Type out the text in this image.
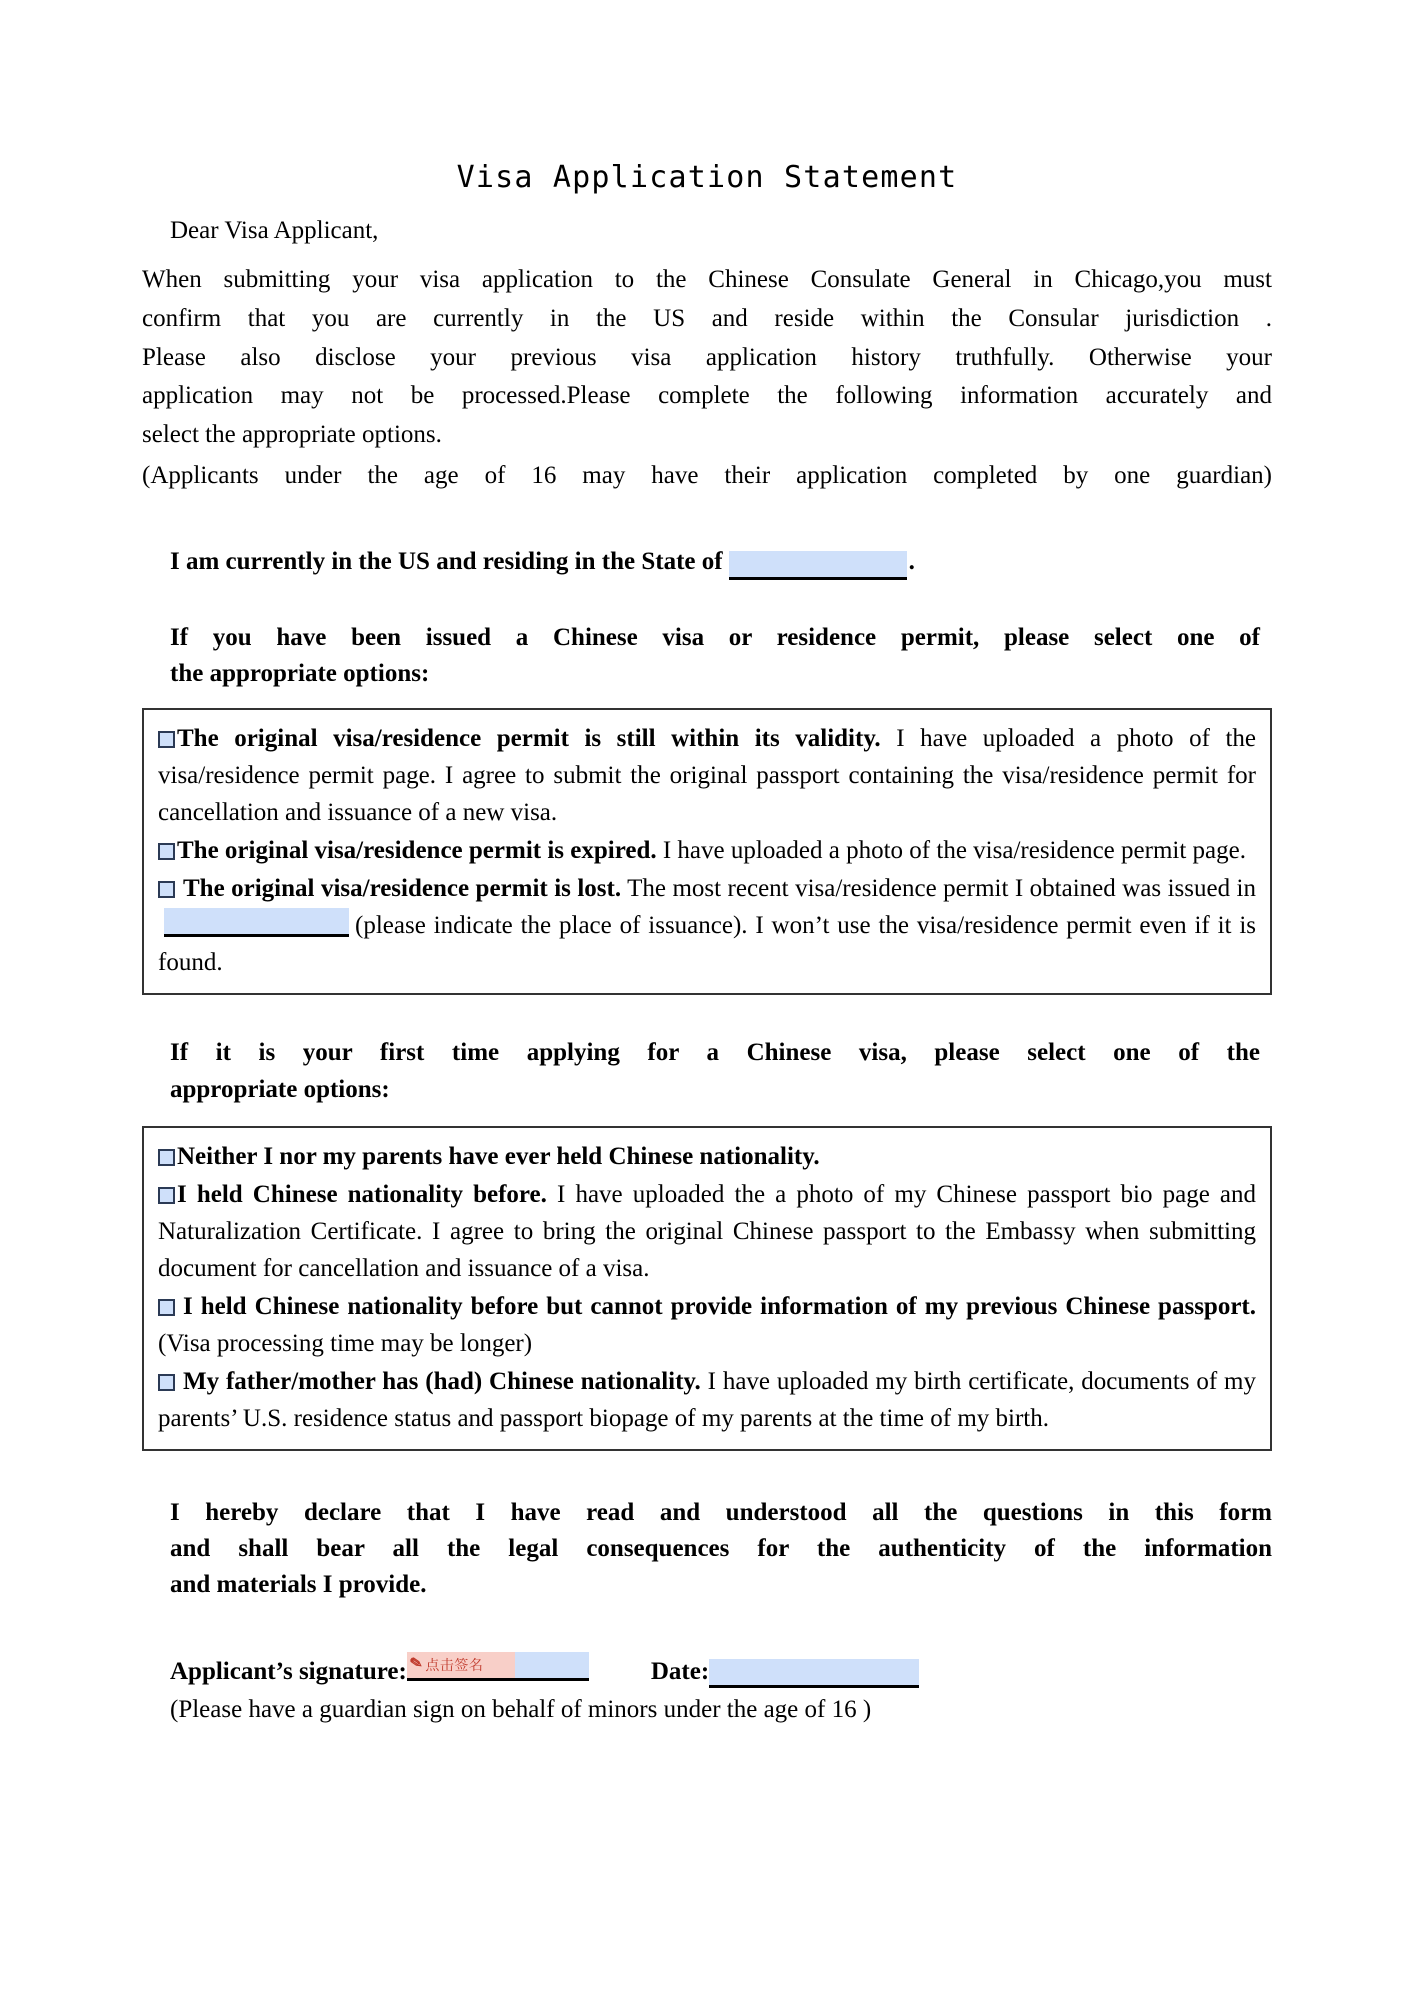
Visa Application Statement

Dear Visa Applicant,

When submitting your visa application to the Chinese Consulate General in Chicago,you must
confirm that you are currently in the US and reside within the Consular jurisdiction .
Please also disclose your previous visa application history truthfully. Otherwise your
application may not be processed.Please complete the following information accurately and
select the appropriate options.

(Applicants under the age of 16 may have their application completed by one guardian)

I am currently in the US and residing in the State of	.
If you have been issued a Chinese visa or residence permit, please select one of
the appropriate options:

The original visa/residence permit is still within its validity. I have uploaded a photo of the visa/residence permit page. I agree to submit the original passport containing the visa/residence permit for cancellation and issuance of a new visa.

The original visa/residence permit is expired. I have uploaded a photo of the visa/residence permit page.

The original visa/residence permit is lost. The most recent visa/residence permit I obtained was issued in(please indicate the place of issuance). I won’t use the visa/residence permit even if it is found.

If it is your first time applying for a Chinese visa, please select one of the
appropriate options:

Neither I nor my parents have ever held Chinese nationality.

I held Chinese nationality before. I have uploaded the a photo of my Chinese passport bio page and Naturalization Certificate. I agree to bring the original Chinese passport to the Embassy when submitting document for cancellation and issuance of a visa.

I held Chinese nationality before but cannot provide information of my previous Chinese passport.(Visa processing time may be longer)

My father/mother has (had) Chinese nationality. I have uploaded my birth certificate, documents of my parents’ U.S. residence status and passport biopage of my parents at the time of my birth.

I hereby declare that I have read and understood all the questions in this form
and shall bear all the legal consequences for the authenticity of the information
and materials I provide.
Applicant’s signature: ✎ 点击签名	Date:

(Please have a guardian sign on behalf of minors under the age of 16 )
